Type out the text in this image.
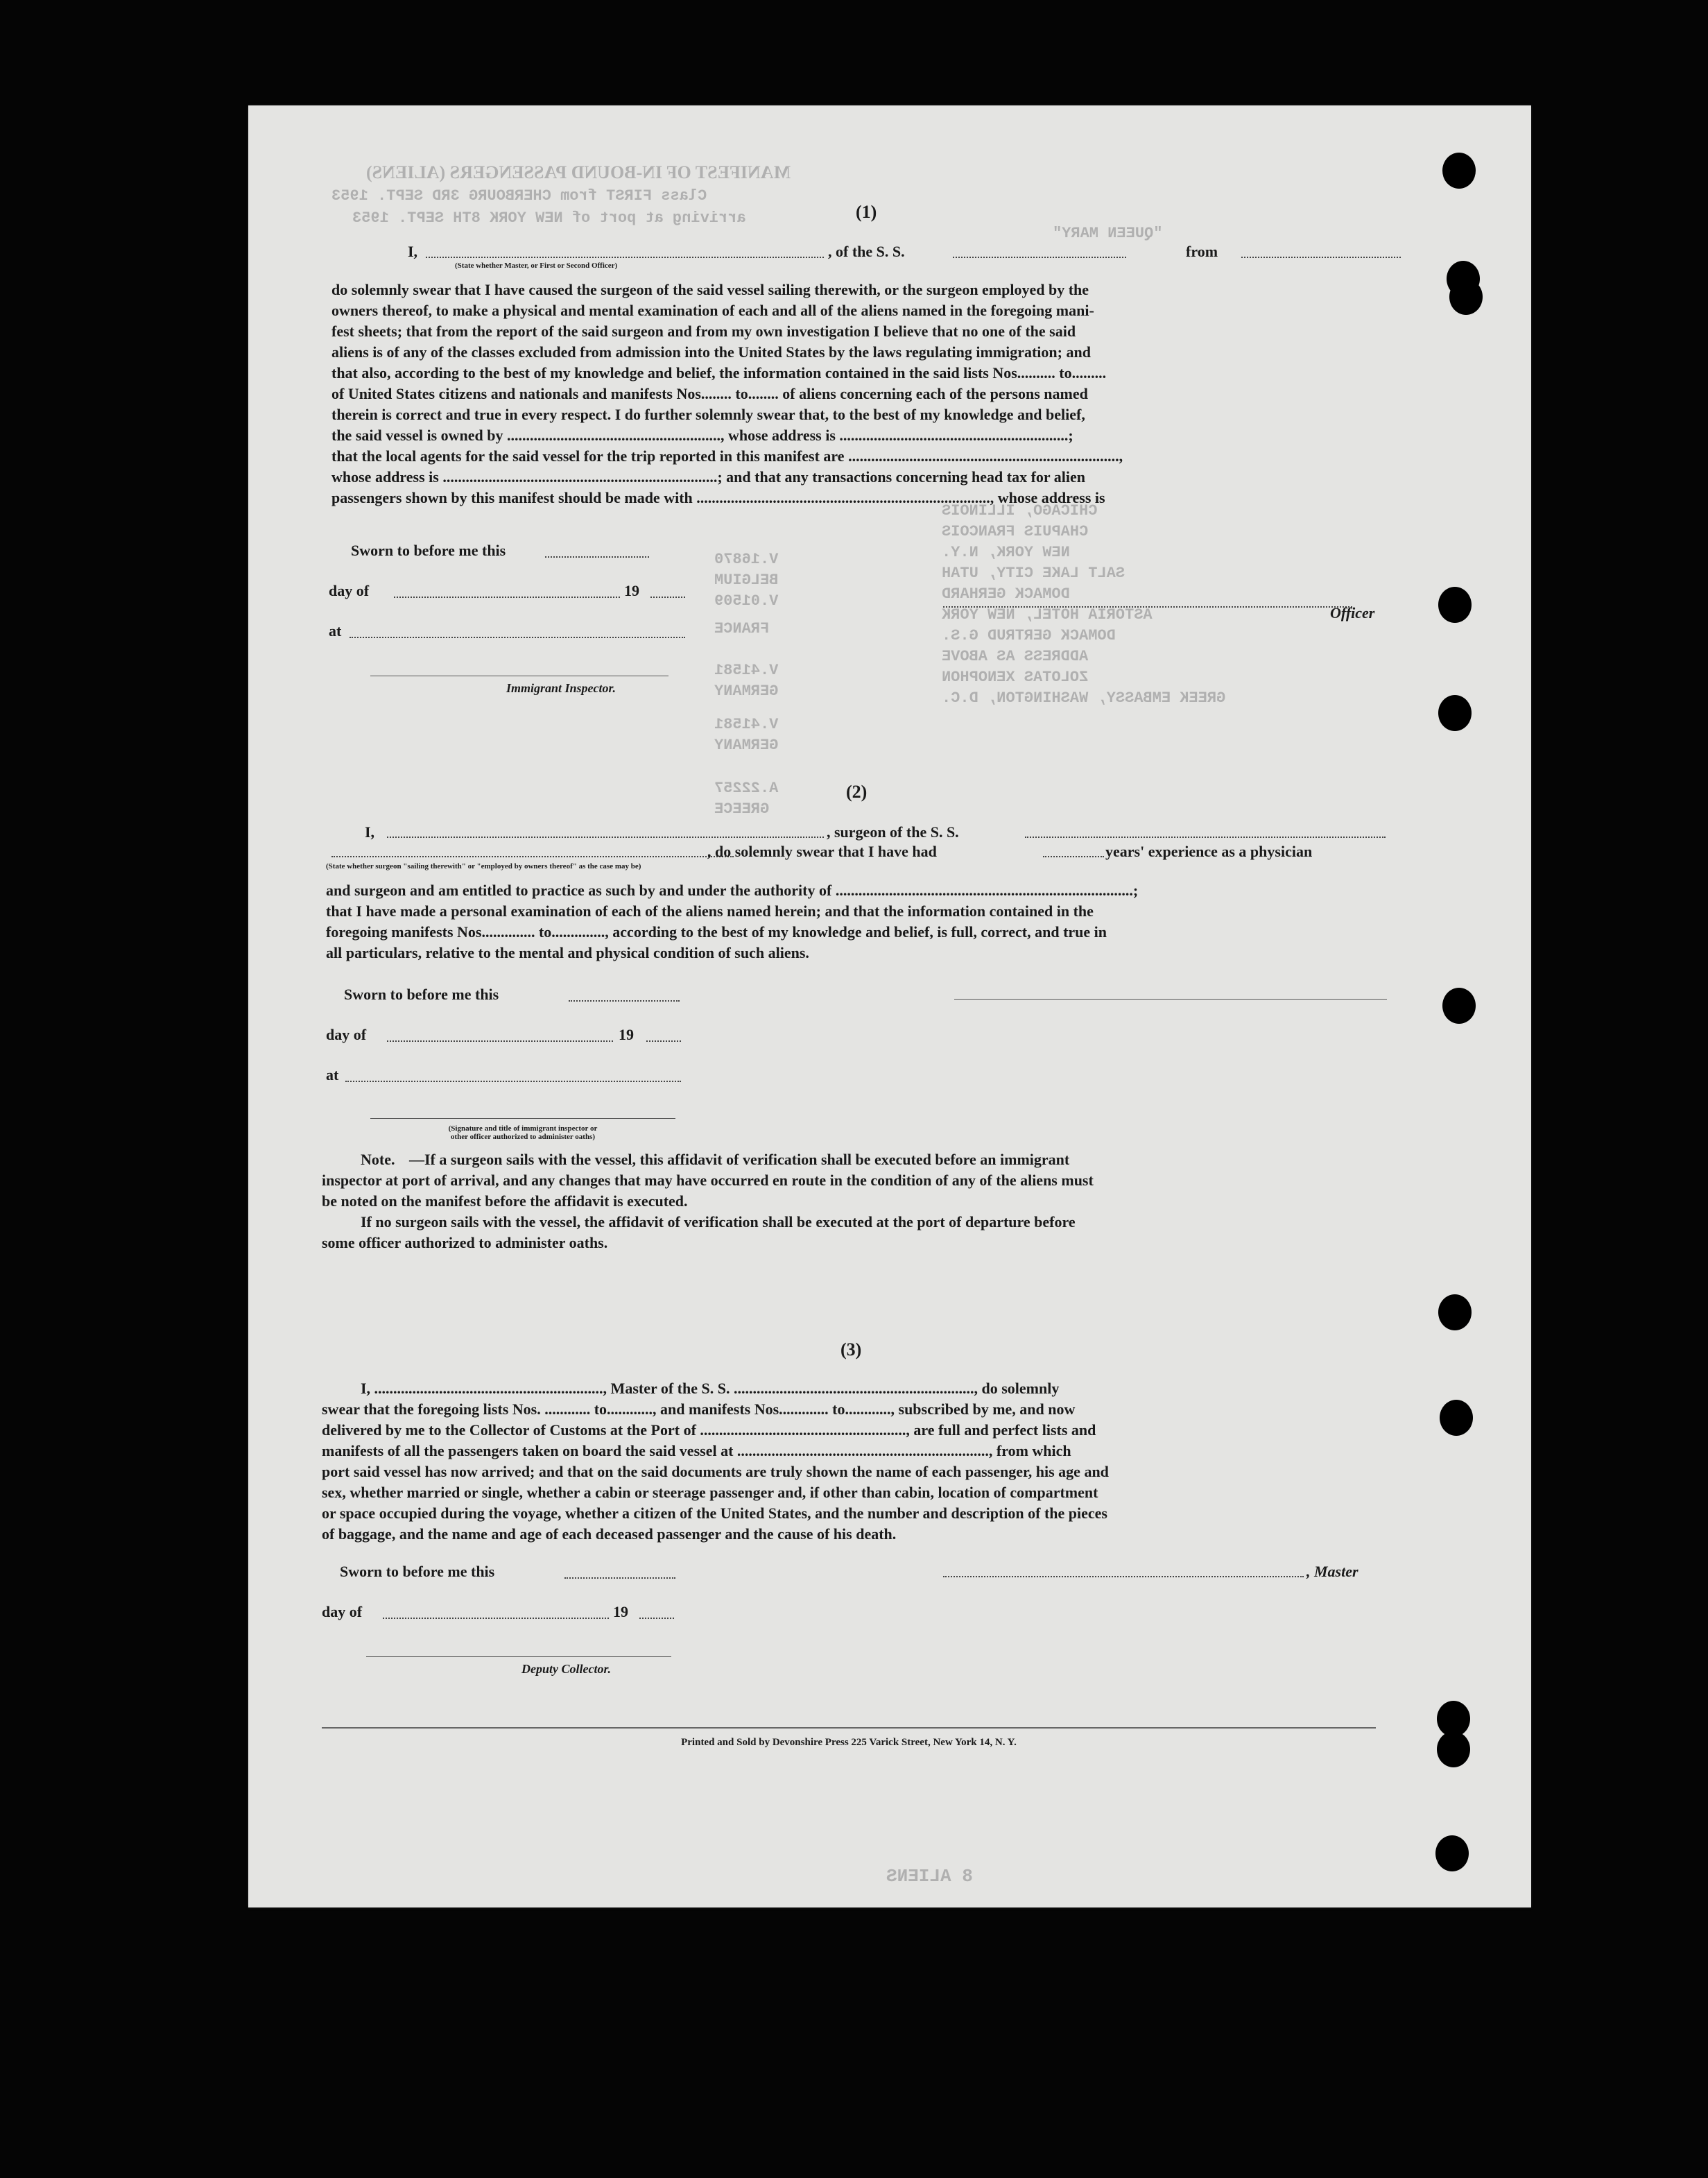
MANIFEST OF IN-BOUND PASSENGERS (ALIENS)
Class FIRST from CHERBOURG 3RD SEPT. 1953
arriving at port of NEW YORK 8TH SEPT. 1953
"QUEEN MARY"
CHICAGO, ILLINOIS
CHAPUIS FRANCOIS
NEW YORK, N.Y.
SALT LAKE CITY, UTAH
DOMACK GERHARD
ASTORIA HOTEL, NEW YORK
DOMACK GERTRUD G.S.
ADDRESS AS ABOVE
ZOLOTAS XENOPHON
GREEK EMBASSY, WASHINGTON, D.C.
V.16870
BELGIUM
V.01509
FRANCE
V.41581
GERMANY
V.41581
GERMANY
A.22257
GREECE
8 ALIENS
(1)
I,	, of the S. S.	from
(State whether Master, or First or Second Officer)
do solemnly swear that I have caused the surgeon of the said vessel sailing therewith, or the surgeon employed by the
owners thereof, to make a physical and mental examination of each and all of the aliens named in the foregoing mani-
fest sheets; that from the report of the said surgeon and from my own investigation I believe that no one of the said
aliens is of any of the classes excluded from admission into the United States by the laws regulating immigration; and
that also, according to the best of my knowledge and belief, the information contained in the said lists Nos.......... to.........
of United States citizens and nationals and manifests Nos........ to........ of aliens concerning each of the persons named
therein is correct and true in every respect. I do further solemnly swear that, to the best of my knowledge and belief,
the said vessel is owned by ........................................................, whose address is ............................................................;
that the local agents for the said vessel for the trip reported in this manifest are .......................................................................,
whose address is ........................................................................; and that any transactions concerning head tax for alien
passengers shown by this manifest should be made with ............................................................................., whose address is
Sworn to before me this
day of	19
at
Officer
Immigrant Inspector.
(2)
I,	, surgeon of the S. S.
, do solemnly swear that I have had	years' experience as a physician
(State whether surgeon "sailing therewith" or "employed by owners thereof" as the case may be)
and surgeon and am entitled to practice as such by and under the authority of ..............................................................................;
that I have made a personal examination of each of the aliens named herein; and that the information contained in the
foregoing manifests Nos.............. to.............., according to the best of my knowledge and belief, is full, correct, and true in
all particulars, relative to the mental and physical condition of such aliens.
Sworn to before me this
day of	19
at
(Signature and title of immigrant inspector or
other officer authorized to administer oaths)
Note. —If a surgeon sails with the vessel, this affidavit of verification shall be executed before an immigrant
inspector at port of arrival, and any changes that may have occurred en route in the condition of any of the aliens must
be noted on the manifest before the affidavit is executed.
If no surgeon sails with the vessel, the affidavit of verification shall be executed at the port of departure before
some officer authorized to administer oaths.
(3)
I, ............................................................, Master of the S. S. ..............................................................., do solemnly
swear that the foregoing lists Nos. ............ to............, and manifests Nos............. to............, subscribed by me, and now
delivered by me to the Collector of Customs at the Port of ......................................................, are full and perfect lists and
manifests of all the passengers taken on board the said vessel at .................................................................., from which
port said vessel has now arrived; and that on the said documents are truly shown the name of each passenger, his age and
sex, whether married or single, whether a cabin or steerage passenger and, if other than cabin, location of compartment
or space occupied during the voyage, whether a citizen of the United States, and the number and description of the pieces
of baggage, and the name and age of each deceased passenger and the cause of his death.
Sworn to before me this
day of	19
, Master
Deputy Collector.
Printed and Sold by Devonshire Press 225 Varick Street, New York 14, N. Y.
